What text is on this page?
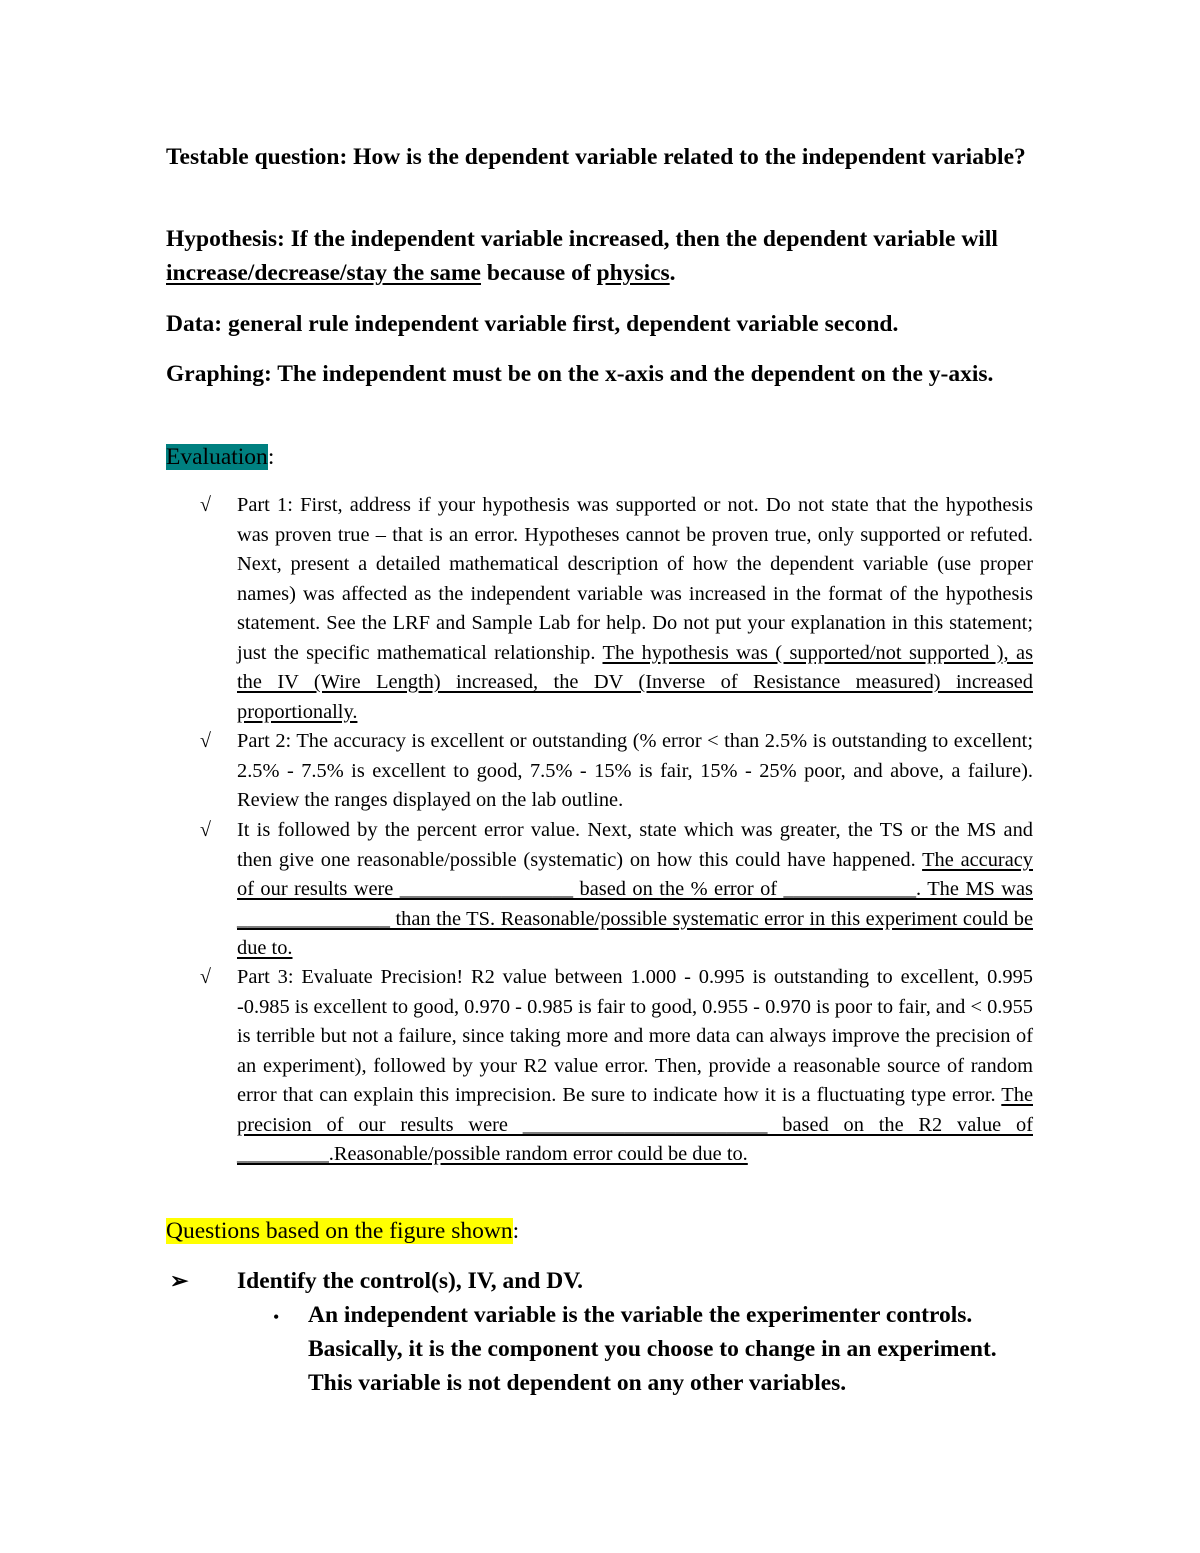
Testable question: How is the dependent variable related to the independent variable?
Hypothesis: If the independent variable increased, then the dependent variable will increase/decrease/stay the same because of physics.
Data: general rule independent variable first, dependent variable second.
Graphing: The independent must be on the x-axis and the dependent on the y-axis.
Evaluation:
√ Part 1: First, address if your hypothesis was supported or not. Do not state that the hypothesis was proven true – that is an error. Hypotheses cannot be proven true, only supported or refuted. Next, present a detailed mathematical description of how the dependent variable (use proper names) was affected as the independent variable was increased in the format of the hypothesis statement. See the LRF and Sample Lab for help. Do not put your explanation in this statement; just the specific mathematical relationship. The hypothesis was ( supported/not supported ), as the IV (Wire Length) increased, the DV (Inverse of Resistance measured) increased proportionally.
√ Part 2: The accuracy is excellent or outstanding (% error < than 2.5% is outstanding to excellent; 2.5% - 7.5% is excellent to good, 7.5% - 15% is fair, 15% - 25% poor, and above, a failure). Review the ranges displayed on the lab outline.
√ It is followed by the percent error value. Next, state which was greater, the TS or the MS and then give one reasonable/possible (systematic) on how this could have happened. The accuracy of our results were _________________ based on the % error of _____________. The MS was _______________ than the TS. Reasonable/possible systematic error in this experiment could be due to.
√ Part 3: Evaluate Precision! R2 value between 1.000 - 0.995 is outstanding to excellent, 0.995 -0.985 is excellent to good, 0.970 - 0.985 is fair to good, 0.955 - 0.970 is poor to fair, and < 0.955 is terrible but not a failure, since taking more and more data can always improve the precision of an experiment), followed by your R2 value error. Then, provide a reasonable source of random error that can explain this imprecision. Be sure to indicate how it is a fluctuating type error. The precision of our results were ________________________ based on the R2 value of _________.Reasonable/possible random error could be due to.
Questions based on the figure shown:
➢ Identify the control(s), IV, and DV.
• An independent variable is the variable the experimenter controls. Basically, it is the component you choose to change in an experiment. This variable is not dependent on any other variables.
